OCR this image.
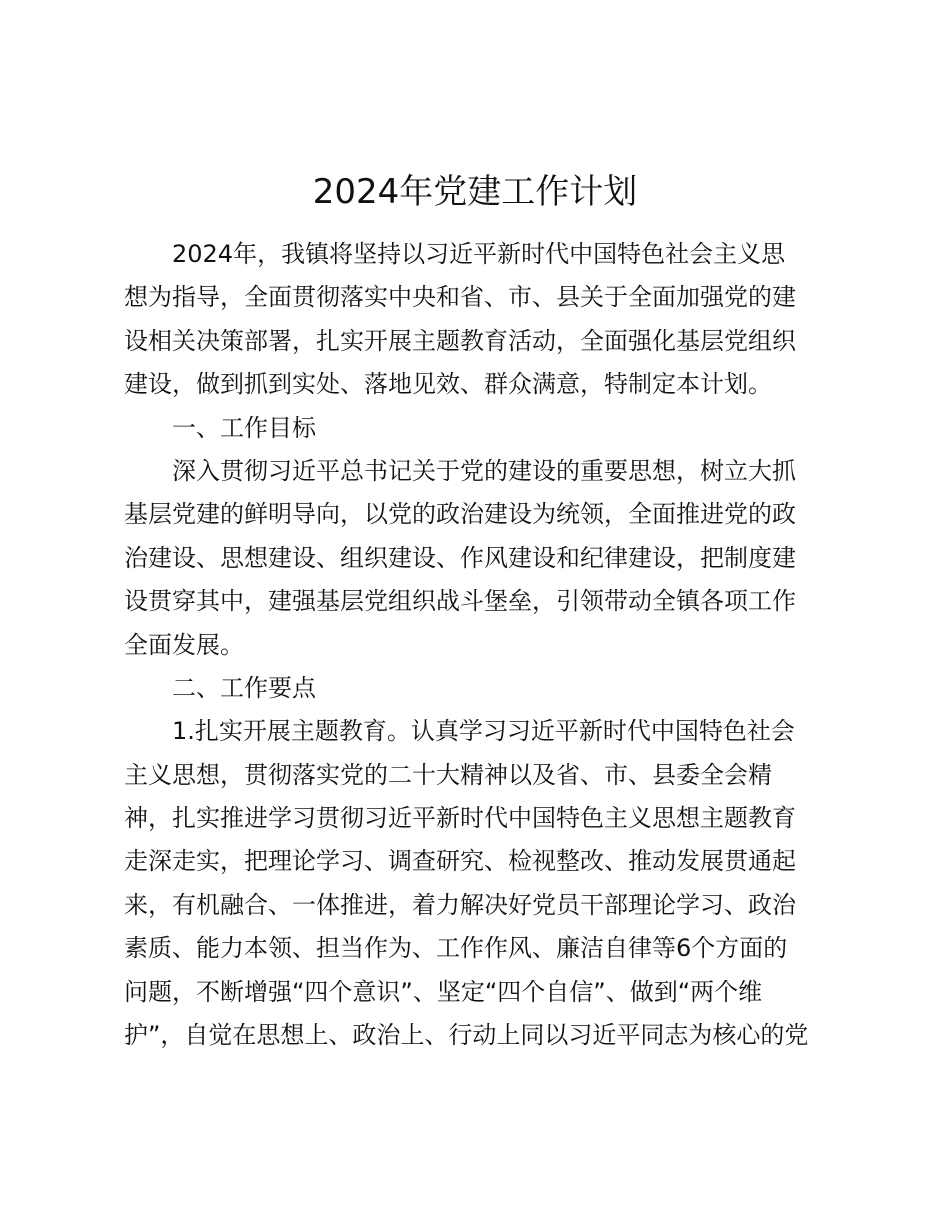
2024年党建工作计划
2024年，我镇将坚持以习近平新时代中国特色社会主义思
想为指导，全面贯彻落实中央和省、市、县关于全面加强党的建
设相关决策部署，扎实开展主题教育活动，全面强化基层党组织
建设，做到抓到实处、落地见效、群众满意，特制定本计划。
一、工作目标
深入贯彻习近平总书记关于党的建设的重要思想，树立大抓
基层党建的鲜明导向，以党的政治建设为统领，全面推进党的政
治建设、思想建设、组织建设、作风建设和纪律建设，把制度建
设贯穿其中，建强基层党组织战斗堡垒，引领带动全镇各项工作
全面发展。
二、工作要点
1.扎实开展主题教育。认真学习习近平新时代中国特色社会
主义思想，贯彻落实党的二十大精神以及省、市、县委全会精
神，扎实推进学习贯彻习近平新时代中国特色主义思想主题教育
走深走实，把理论学习、调查研究、检视整改、推动发展贯通起
来，有机融合、一体推进，着力解决好党员干部理论学习、政治
素质、能力本领、担当作为、工作作风、廉洁自律等6个方面的
问题，不断增强“四个意识”、坚定“四个自信”、做到“两个维
护”，自觉在思想上、政治上、行动上同以习近平同志为核心的党
